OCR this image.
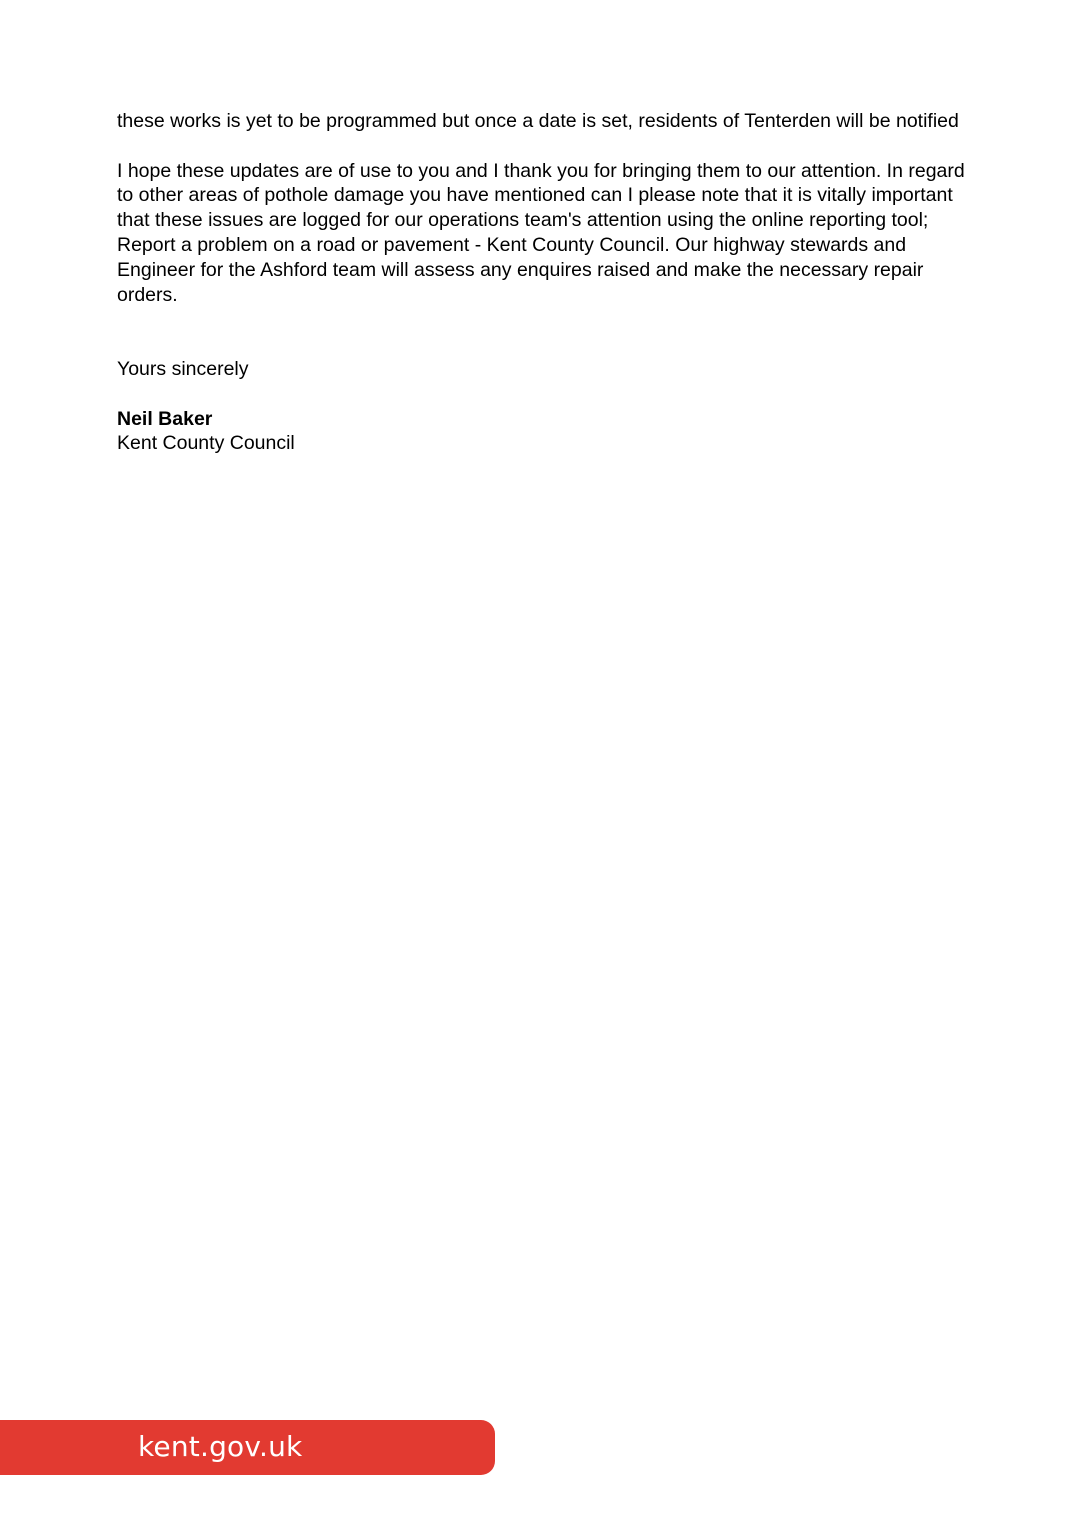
these works is yet to be programmed but once a date is set, residents of Tenterden will be notified

I hope these updates are of use to you and I thank you for bringing them to our attention. In regard to other areas of pothole damage you have mentioned can I please note that it is vitally important that these issues are logged for our operations team's attention using the online reporting tool; Report a problem on a road or pavement - Kent County Council. Our highway stewards and Engineer for the Ashford team will assess any enquires raised and make the necessary repair orders.

Yours sincerely

Neil Baker

Kent County Council

kent.gov.uk
